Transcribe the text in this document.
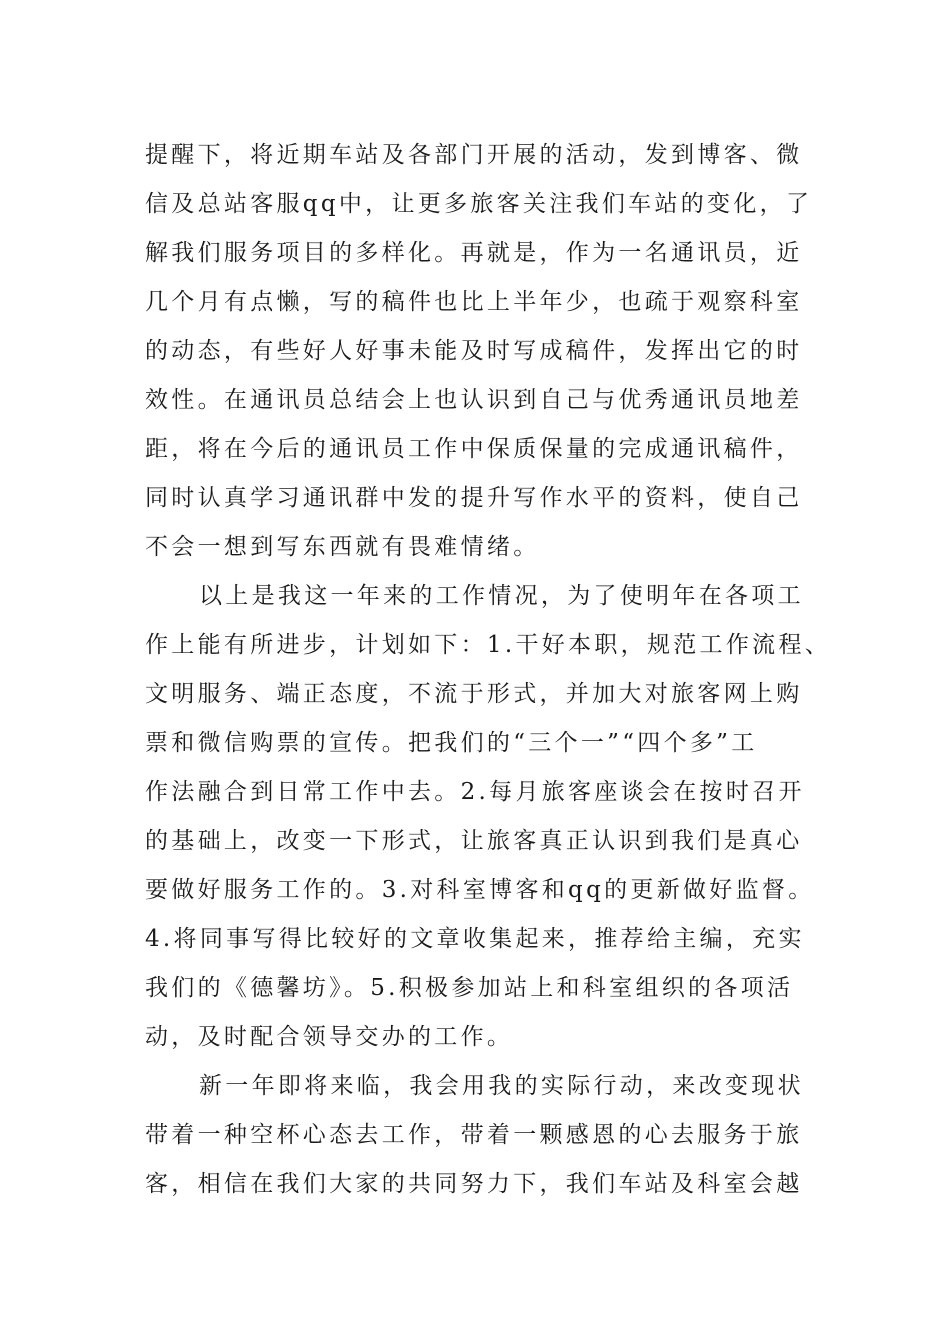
提醒下，将近期车站及各部门开展的活动，发到博客、微
信及总站客服qq中，让更多旅客关注我们车站的变化，了
解我们服务项目的多样化。再就是，作为一名通讯员，近
几个月有点懒，写的稿件也比上半年少，也疏于观察科室
的动态，有些好人好事未能及时写成稿件，发挥出它的时
效性。在通讯员总结会上也认识到自己与优秀通讯员地差
距，将在今后的通讯员工作中保质保量的完成通讯稿件，
同时认真学习通讯群中发的提升写作水平的资料，使自己
不会一想到写东西就有畏难情绪。
以上是我这一年来的工作情况，为了使明年在各项工
作上能有所进步，计划如下：1.干好本职，规范工作流程、
文明服务、端正态度，不流于形式，并加大对旅客网上购
票和微信购票的宣传。把我们的“三个一”“四个多”工
作法融合到日常工作中去。2.每月旅客座谈会在按时召开
的基础上，改变一下形式，让旅客真正认识到我们是真心
要做好服务工作的。3.对科室博客和qq的更新做好监督。
4.将同事写得比较好的文章收集起来，推荐给主编，充实
我们的《德馨坊》。5.积极参加站上和科室组织的各项活
动，及时配合领导交办的工作。
新一年即将来临，我会用我的实际行动，来改变现状
带着一种空杯心态去工作，带着一颗感恩的心去服务于旅
客，相信在我们大家的共同努力下，我们车站及科室会越
